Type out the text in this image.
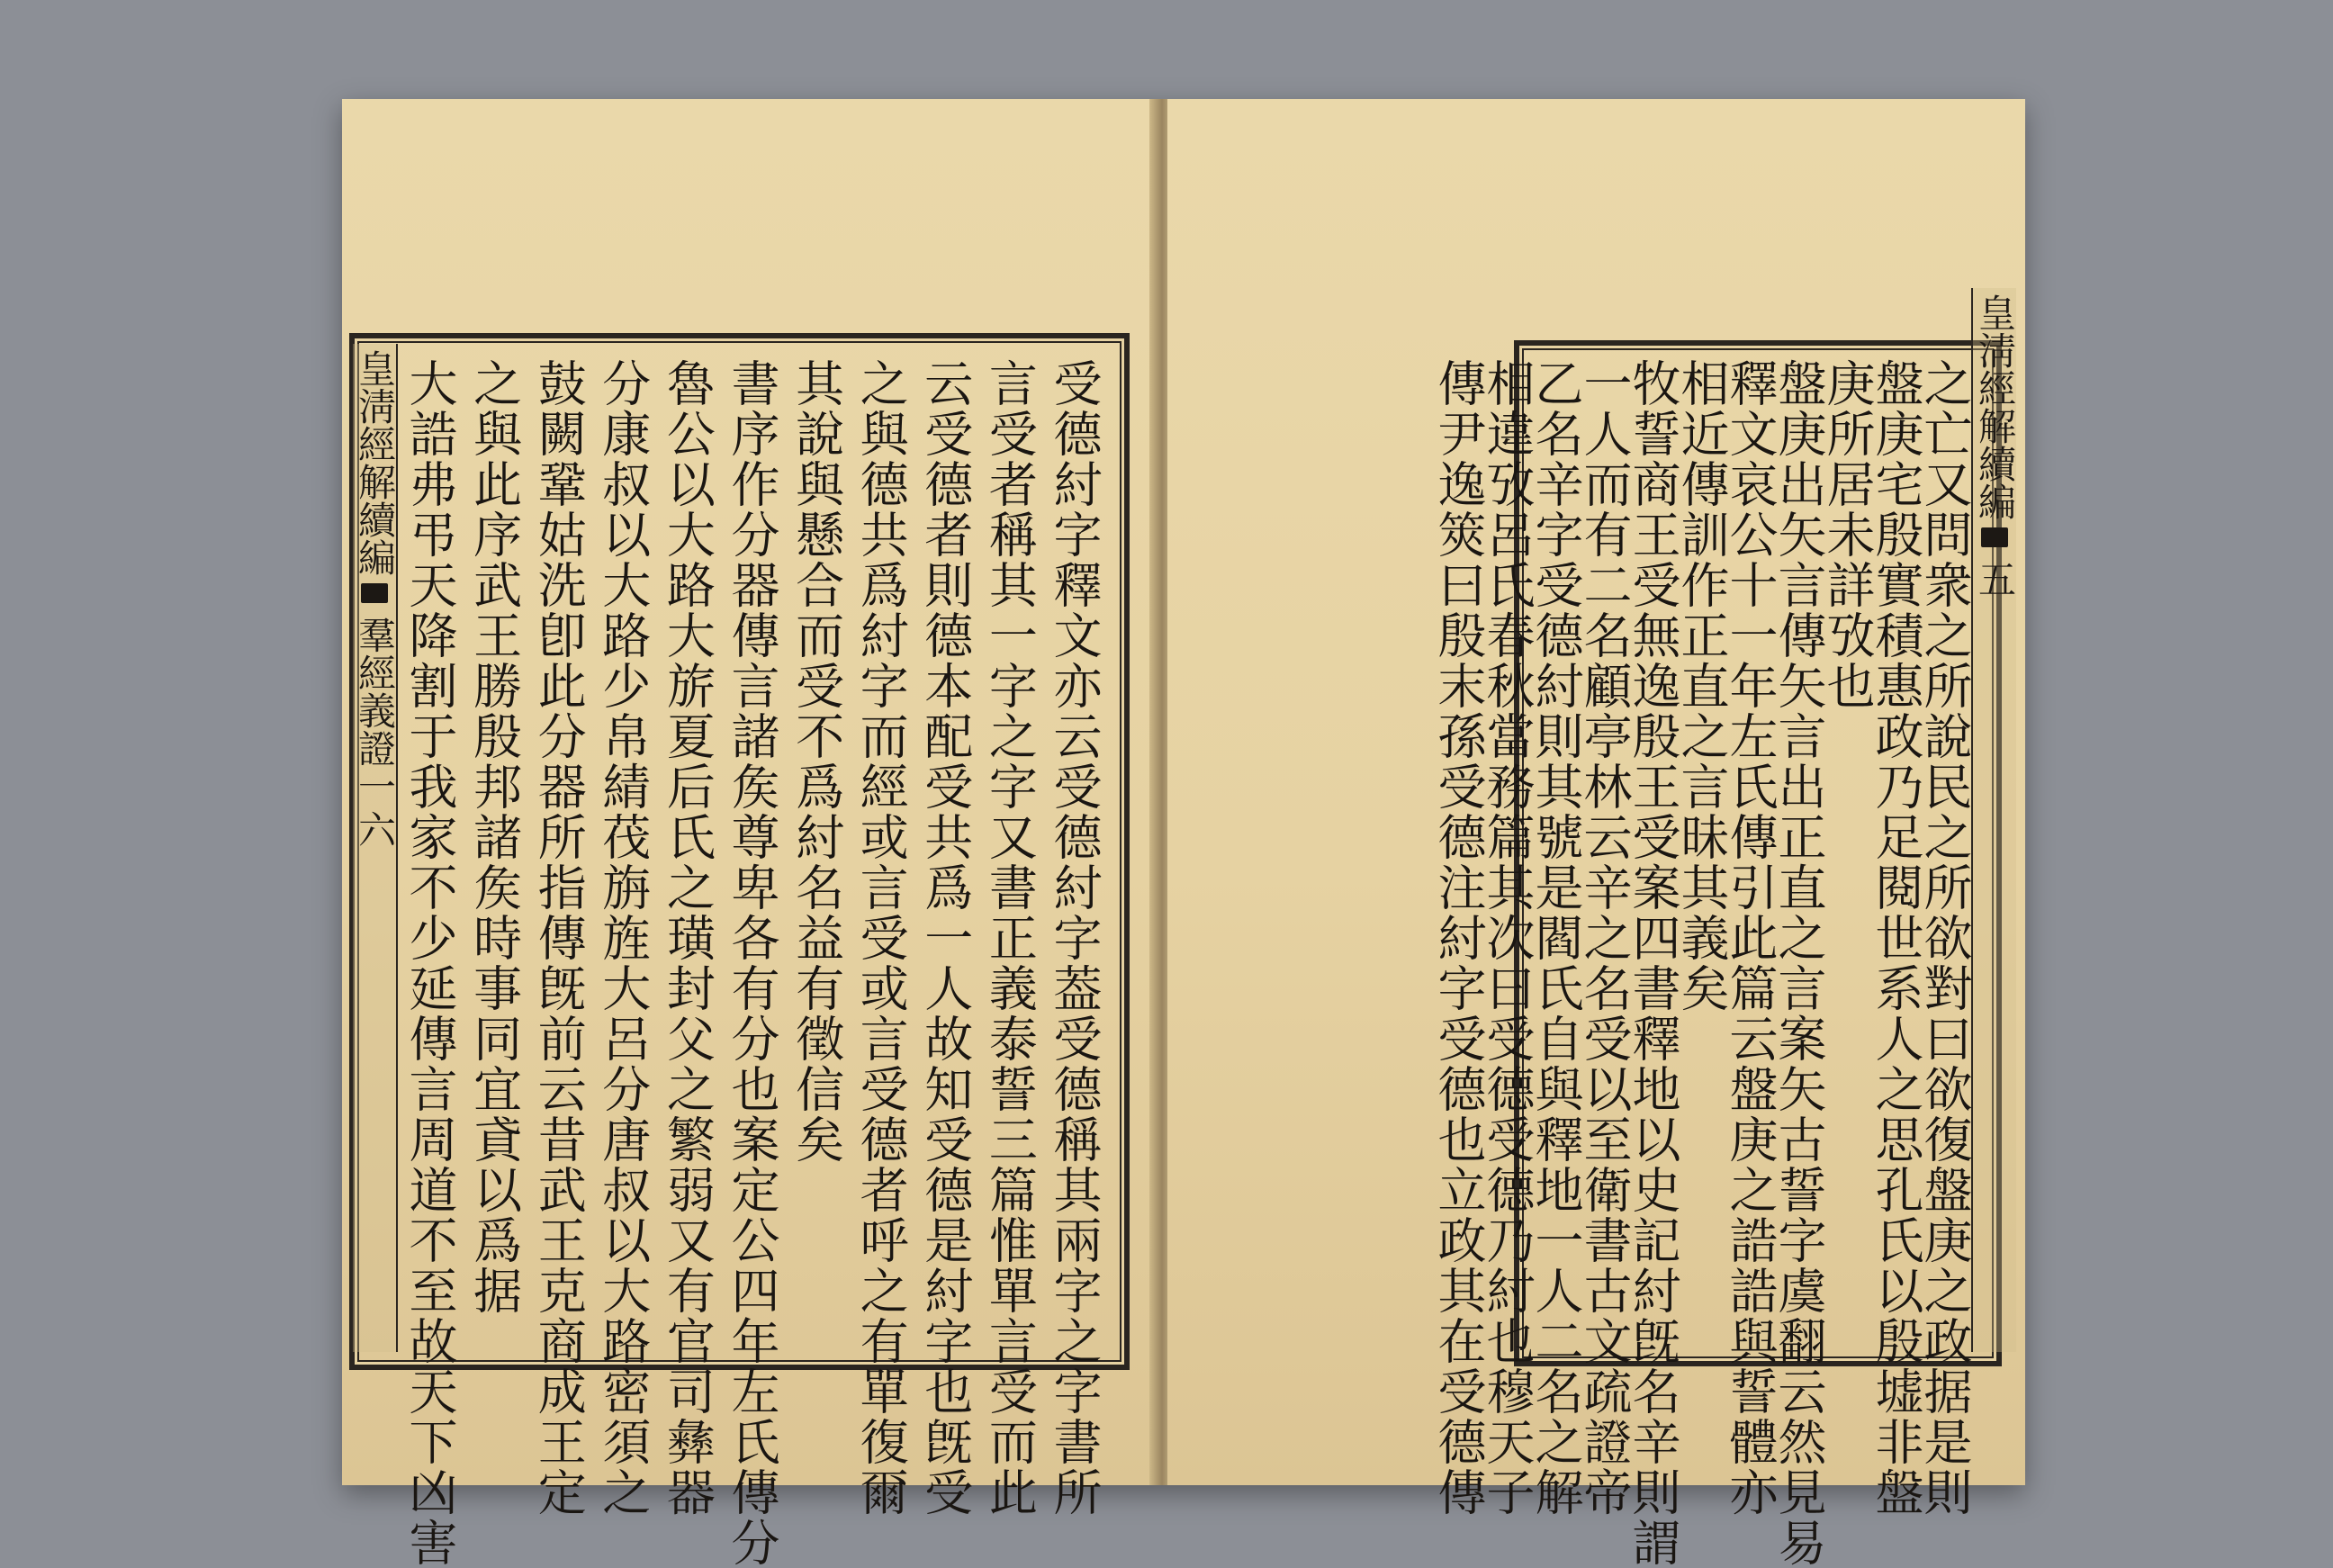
皇淸經解續編
羣經義證一
六	受德紂字釋文亦云受德紂字葢受德稱其兩字之字書所
言受者稱其一字之字又書正義泰誓三篇惟單言受而此
云受德者則德本配受共爲一人故知受德是紂字也旣受
之與德共爲紂字而經或言受或言受德者呼之有單復爾
其說與懸合而受不爲紂名益有徵信矣
書序作分器傳言諸矦尊卑各有分也案定公四年左氏傳分
魯公以大路大旂夏后氏之璜封父之繁弱又有官司彝器
分康叔以大路少帛綪茷旃旌大呂分唐叔以大路密須之
鼓闕鞏姑洗卽此分器所指傳旣前云昔武王克商成王定
之與此序武王勝殷邦諸矦時事同宜貣以爲据
大誥弗弔天降割于我家不少延傳言周道不至故天下凶害	皇淸經解續編
五
之亡又問衆之所說民之所欲對曰欲復盤庚之政据是則
盤庚宅殷實積惠政乃足閱世系人之思孔氏以殷墟非盤
庚所居未詳攷也
盤庚出矢言傳矢言出正直之言案矢古誓字虞翻云然見易
釋文哀公十一年左氏傳引此篇云盤庚之誥誥與誓體亦
相近傳訓作正直之言昧其義矣
牧誓商王受無逸殷王受案四書釋地以史記紂旣名辛則謂
一人而有二名顧亭林云辛之名受以至衛書古文疏證帝
乙名辛字受德紂則其號是閻氏自與釋地一人二名之解
相違攷呂氏春秋當務篇其次曰受德受德乃紂也穆天子
傳尹逸筴曰殷末孫受德注紂字受德也立政其在受德傳
